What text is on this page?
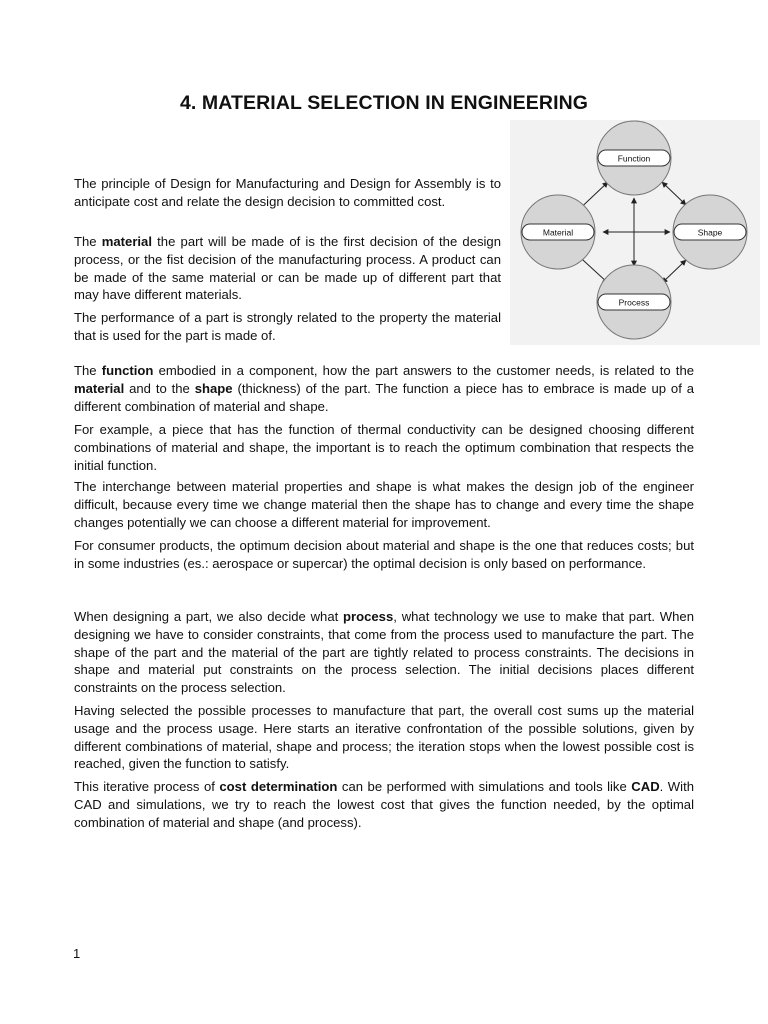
4. MATERIAL SELECTION IN ENGINEERING

The principle of Design for Manufacturing and Design for Assembly is to anticipate cost and relate the design decision to committed cost.

The material the part will be made of is the first decision of the design process, or the fist decision of the manufacturing process. A product can be made of the same material or can be made up of different part that may have different materials.

The performance of a part is strongly related to the property the material that is used for the part is made of.

Function
Material	Shape
Process

The function embodied in a component, how the part answers to the customer needs, is related to the material and to the shape (thickness) of the part. The function a piece has to embrace is made up of a different combination of material and shape.

For example, a piece that has the function of thermal conductivity can be designed choosing different combinations of material and shape, the important is to reach the optimum combination that respects the initial function.

The interchange between material properties and shape is what makes the design job of the engineer difficult, because every time we change material then the shape has to change and every time the shape changes potentially we can choose a different material for improvement.

For consumer products, the optimum decision about material and shape is the one that reduces costs; but in some industries (es.: aerospace or supercar) the optimal decision is only based on performance.

When designing a part, we also decide what process, what technology we use to make that part. When designing we have to consider constraints, that come from the process used to manufacture the part. The shape of the part and the material of the part are tightly related to process constraints. The decisions in shape and material put constraints on the process selection. The initial decisions places different constraints on the process selection.

Having selected the possible processes to manufacture that part, the overall cost sums up the material usage and the process usage. Here starts an iterative confrontation of the possible solutions, given by different combinations of material, shape and process; the iteration stops when the lowest possible cost is reached, given the function to satisfy.

This iterative process of cost determination can be performed with simulations and tools like CAD. With CAD and simulations, we try to reach the lowest cost that gives the function needed, by the optimal combination of material and shape (and process).

1
